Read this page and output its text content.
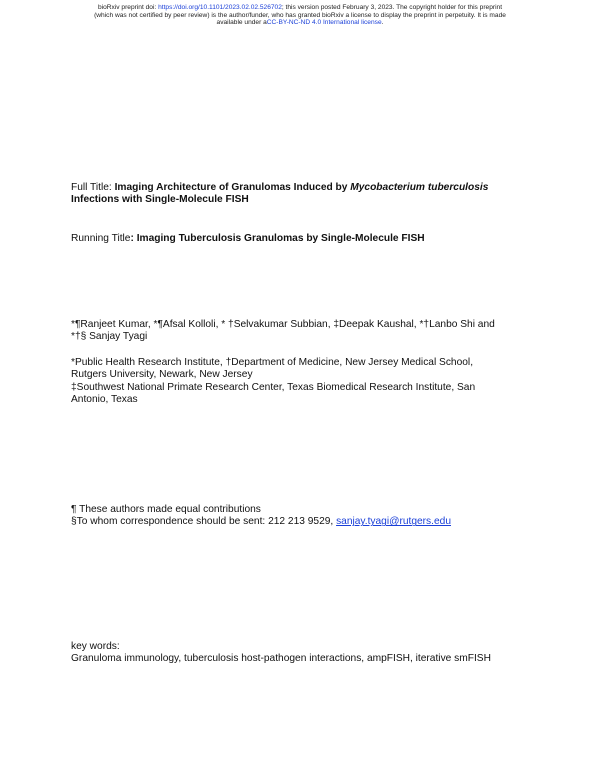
bioRxiv preprint doi: https://doi.org/10.1101/2023.02.02.526702; this version posted February 3, 2023. The copyright holder for this preprint
(which was not certified by peer review) is the author/funder, who has granted bioRxiv a license to display the preprint in perpetuity. It is made
available under aCC-BY-NC-ND 4.0 International license.
Full Title: Imaging Architecture of Granulomas Induced by Mycobacterium tuberculosis
Infections with Single-Molecule FISH
Running Title: Imaging Tuberculosis Granulomas by Single-Molecule FISH
*¶Ranjeet Kumar, *¶Afsal Kolloli, * †Selvakumar Subbian, ‡Deepak Kaushal, *†Lanbo Shi and
*†§ Sanjay Tyagi
*Public Health Research Institute, †Department of Medicine, New Jersey Medical School,
Rutgers University, Newark, New Jersey
‡Southwest National Primate Research Center, Texas Biomedical Research Institute, San
Antonio, Texas
¶ These authors made equal contributions
§To whom correspondence should be sent: 212 213 9529, sanjay.tyagi@rutgers.edu
key words:
Granuloma immunology, tuberculosis host-pathogen interactions, ampFISH, iterative smFISH
